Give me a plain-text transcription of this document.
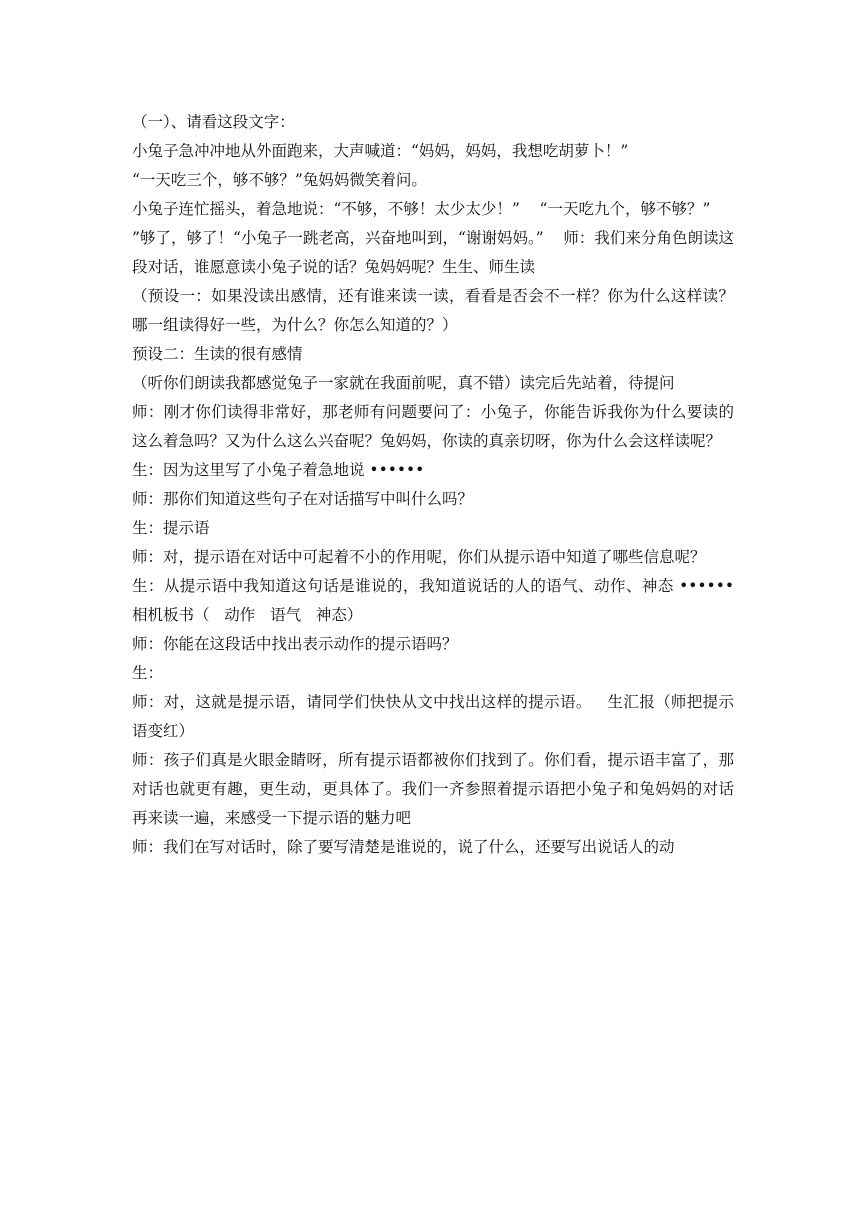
（一）、请看这段文字：

小兔子急冲冲地从外面跑来，大声喊道：“妈妈，妈妈，我想吃胡萝卜！”

“一天吃三个，够不够？”兔妈妈微笑着问。

小兔子连忙摇头，着急地说：“不够，不够！太少太少！”    “一天吃九个，够不够？”

”够了，够了！“小兔子一跳老高，兴奋地叫到，“谢谢妈妈。”    师：我们来分角色朗读这段对话，谁愿意读小兔子说的话？兔妈妈呢？生生、师生读

（预设一：如果没读出感情，还有谁来读一读，看看是否会不一样？你为什么这样读？哪一组读得好一些，为什么？你怎么知道的？）

预设二：生读的很有感情

（听你们朗读我都感觉兔子一家就在我面前呢，真不错）读完后先站着，待提问

师：刚才你们读得非常好，那老师有问题要问了：小兔子，你能告诉我你为什么要读的这么着急吗？又为什么这么兴奋呢？兔妈妈，你读的真亲切呀，你为什么会这样读呢？

生：因为这里写了小兔子着急地说 ••••••

师：那你们知道这些句子在对话描写中叫什么吗？

生：提示语

师：对，提示语在对话中可起着不小的作用呢，你们从提示语中知道了哪些信息呢？

生：从提示语中我知道这句话是谁说的，我知道说话的人的语气、动作、神态 •••••• 相机板书（   动作   语气   神态）

师：你能在这段话中找出表示动作的提示语吗？

生：

师：对，这就是提示语，请同学们快快从文中找出这样的提示语。   生汇报（师把提示语变红）

师：孩子们真是火眼金睛呀，所有提示语都被你们找到了。你们看，提示语丰富了，那对话也就更有趣，更生动，更具体了。我们一齐参照着提示语把小兔子和兔妈妈的对话再来读一遍，来感受一下提示语的魅力吧

师：我们在写对话时，除了要写清楚是谁说的，说了什么，还要写出说话人的动
